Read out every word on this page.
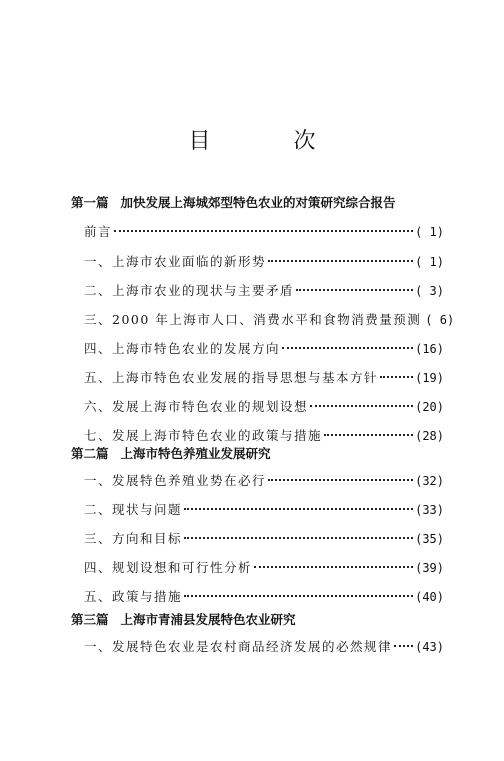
目 次
第一篇 加快发展上海城郊型特色农业的对策研究综合报告
前言	( 1)
一、上海市农业面临的新形势	( 1)
二、上海市农业的现状与主要矛盾	( 3)
三、2000 年上海市人口、消费水平和食物消费量预测 ( 6)
四、上海市特色农业的发展方向	(16)
五、上海市特色农业发展的指导思想与基本方针	(19)
六、发展上海市特色农业的规划设想	(20)
七、发展上海市特色农业的政策与措施	(28)
第二篇 上海市特色养殖业发展研究
一、发展特色养殖业势在必行	(32)
二、现状与问题	(33)
三、方向和目标	(35)
四、规划设想和可行性分析	(39)
五、政策与措施	(40)
第三篇 上海市青浦县发展特色农业研究
一、发展特色农业是农村商品经济发展的必然规律 (43)
